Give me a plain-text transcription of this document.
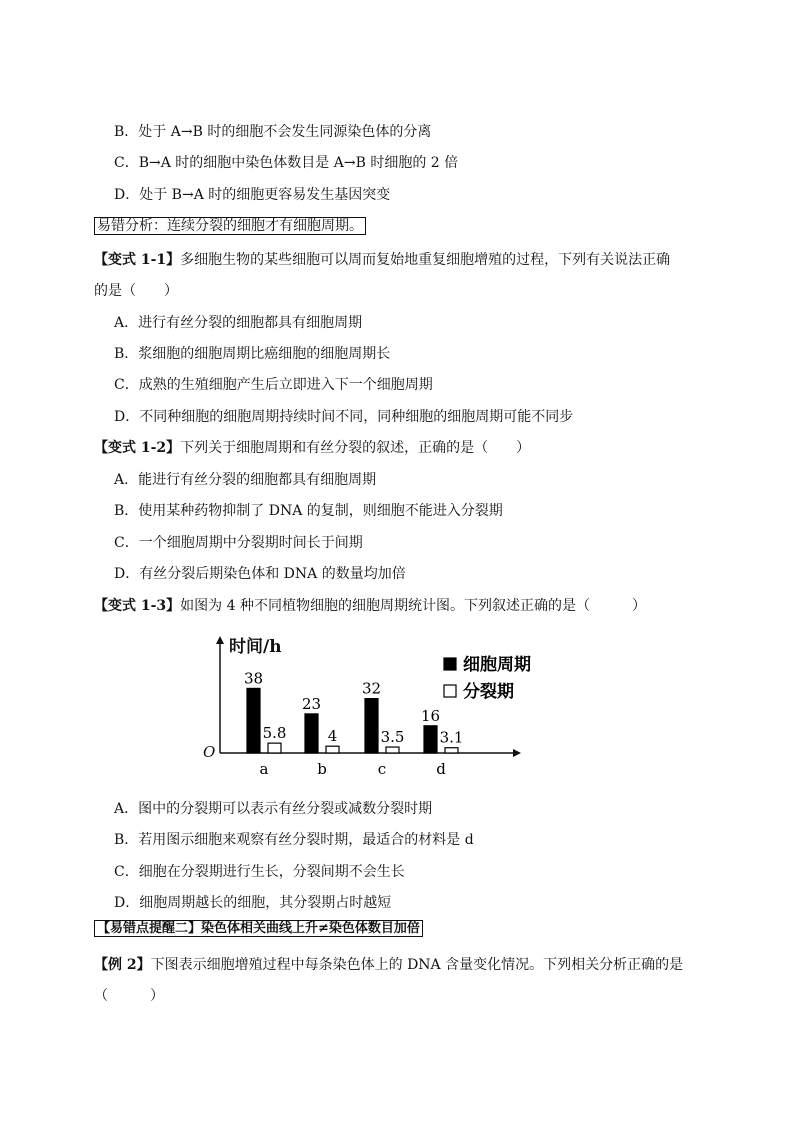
B．处于 A→B 时的细胞不会发生同源染色体的分离
C．B→A 时的细胞中染色体数目是 A→B 时细胞的 2 倍
D．处于 B→A 时的细胞更容易发生基因突变
易错分析：连续分裂的细胞才有细胞周期。
【变式 1-1】多细胞生物的某些细胞可以周而复始地重复细胞增殖的过程，下列有关说法正确
的是（　　）
A．进行有丝分裂的细胞都具有细胞周期
B．浆细胞的细胞周期比癌细胞的细胞周期长
C．成熟的生殖细胞产生后立即进入下一个细胞周期
D．不同种细胞的细胞周期持续时间不同，同种细胞的细胞周期可能不同步
【变式 1-2】下列关于细胞周期和有丝分裂的叙述，正确的是（　　）
A．能进行有丝分裂的细胞都具有细胞周期
B．使用某种药物抑制了 DNA 的复制，则细胞不能进入分裂期
C．一个细胞周期中分裂期时间长于间期
D．有丝分裂后期染色体和 DNA 的数量均加倍
【变式 1-3】如图为 4 种不同植物细胞的细胞周期统计图。下列叙述正确的是（　　　）
时间/h
O
38
5.8
a
23
4
b
32
3.5
c
16
3.1
d
细胞周期
分裂期
A．图中的分裂期可以表示有丝分裂或减数分裂时期
B．若用图示细胞来观察有丝分裂时期，最适合的材料是 d
C．细胞在分裂期进行生长，分裂间期不会生长
D．细胞周期越长的细胞，其分裂期占时越短
【易错点提醒二】染色体相关曲线上升≠染色体数目加倍
【例 2】下图表示细胞增殖过程中每条染色体上的 DNA 含量变化情况。下列相关分析正确的是
（　　　）
